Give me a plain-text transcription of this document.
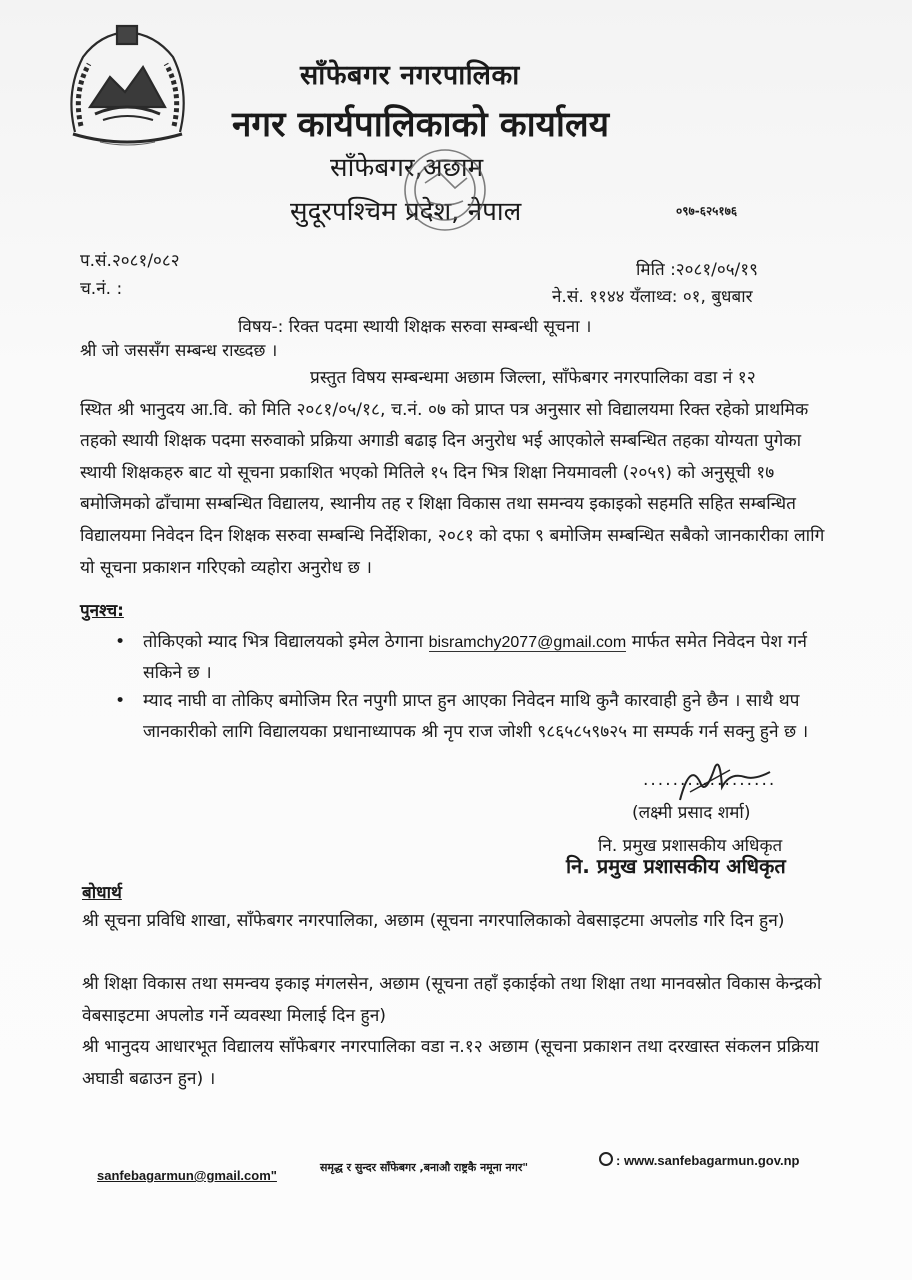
साँफेबगर नगरपालिका
नगर कार्यपालिकाको कार्यालय
साँफेबगर,अछाम
सुदूरपश्चिम प्रदेश, नेपाल	०९७-६२५१७६
प.सं.२०८१/०८२
च.नं. :
मिति :२०८१/०५/१९
ने.सं. ११४४ यँलाथ्व: ०१, बुधबार
विषय-: रिक्त पदमा स्थायी शिक्षक सरुवा सम्बन्धी सूचना ।
श्री जो जससँग सम्बन्ध राख्दछ ।
प्रस्तुत विषय सम्बन्धमा अछाम जिल्ला, साँफेबगर नगरपालिका वडा नं १२
स्थित श्री भानुदय आ.वि. को मिति २०८१/०५/१८, च.नं. ०७ को प्राप्त पत्र अनुसार सो विद्यालयमा रिक्त रहेको प्राथमिक तहको स्थायी शिक्षक पदमा सरुवाको प्रक्रिया अगाडी बढाइ दिन अनुरोध भई आएकोले सम्बन्धित तहका योग्यता पुगेका स्थायी शिक्षकहरु बाट यो सूचना प्रकाशित भएको मितिले १५ दिन भित्र शिक्षा नियमावली (२०५९) को अनुसूची १७ बमोजिमको ढाँचामा सम्बन्धित विद्यालय, स्थानीय तह र शिक्षा विकास तथा समन्वय इकाइको सहमति सहित सम्बन्धित विद्यालयमा निवेदन दिन शिक्षक सरुवा सम्बन्धि निर्देशिका, २०८१ को दफा ९ बमोजिम सम्बन्धित सबैको जानकारीका लागि यो सूचना प्रकाशन गरिएको व्यहोरा अनुरोध छ ।
पुनश्च:
•	तोकिएको म्याद भित्र विद्यालयको इमेल ठेगाना bisramchy2077@gmail.com मार्फत समेत निवेदन पेश गर्न सकिने छ ।
•	म्याद नाघी वा तोकिए बमोजिम रित नपुगी प्राप्त हुन आएका निवेदन माथि कुनै कारवाही हुने छैन । साथै थप जानकारीको लागि विद्यालयका प्रधानाध्यापक श्री नृप राज जोशी ९८६५८५९७२५ मा सम्पर्क गर्न सक्नु हुने छ ।
..................
(लक्ष्मी प्रसाद शर्मा)
नि. प्रमुख प्रशासकीय अधिकृत
नि. प्रमुख प्रशासकीय अधिकृत
बोधार्थ
श्री सूचना प्रविधि शाखा, साँफेबगर नगरपालिका, अछाम (सूचना नगरपालिकाको वेबसाइटमा अपलोड गरि दिन हुन)
श्री शिक्षा विकास तथा समन्वय इकाइ मंगलसेन, अछाम (सूचना तहाँ इकाईको तथा शिक्षा तथा मानवस्रोत विकास केन्द्रको वेबसाइटमा अपलोड गर्ने व्यवस्था मिलाई दिन हुन)
श्री भानुदय आधारभूत विद्यालय साँफेबगर नगरपालिका वडा न.१२ अछाम (सूचना प्रकाशन तथा दरखास्त संकलन प्रक्रिया अघाडी बढाउन हुन) ।
sanfebagarmun@gmail.com"
समृद्ध र सुन्दर साँफेबगर ,बनाऔ राष्ट्रकै नमूना नगर"	: www.sanfebagarmun.gov.np
